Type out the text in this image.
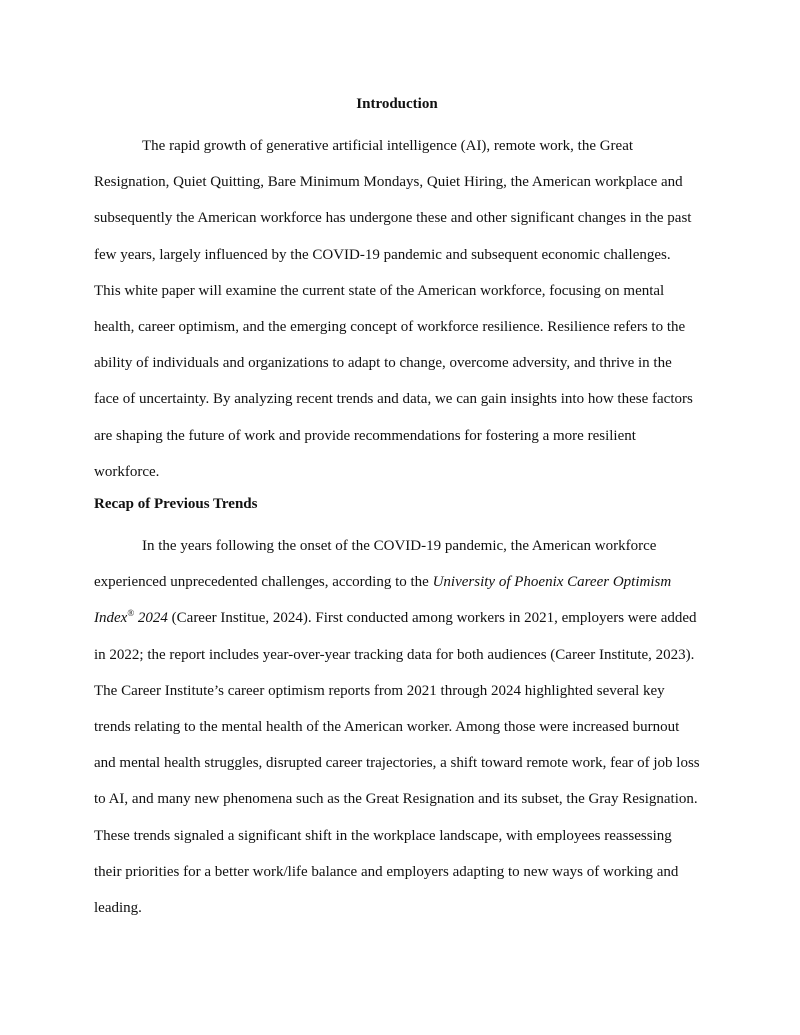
Introduction

The rapid growth of generative artificial intelligence (AI), remote work, the Great Resignation, Quiet Quitting, Bare Minimum Mondays, Quiet Hiring, the American workplace and subsequently the American workforce has undergone these and other significant changes in the past few years, largely influenced by the COVID-19 pandemic and subsequent economic challenges. This white paper will examine the current state of the American workforce, focusing on mental health, career optimism, and the emerging concept of workforce resilience. Resilience refers to the ability of individuals and organizations to adapt to change, overcome adversity, and thrive in the face of uncertainty. By analyzing recent trends and data, we can gain insights into how these factors are shaping the future of work and provide recommendations for fostering a more resilient workforce.

Recap of Previous Trends

In the years following the onset of the COVID-19 pandemic, the American workforce experienced unprecedented challenges, according to the University of Phoenix Career Optimism Index® 2024 (Career Institue, 2024). First conducted among workers in 2021, employers were added in 2022; the report includes year-over-year tracking data for both audiences (Career Institute, 2023). The Career Institute’s career optimism reports from 2021 through 2024 highlighted several key trends relating to the mental health of the American worker. Among those were increased burnout and mental health struggles, disrupted career trajectories, a shift toward remote work, fear of job loss to AI, and many new phenomena such as the Great Resignation and its subset, the Gray Resignation. These trends signaled a significant shift in the workplace landscape, with employees reassessing their priorities for a better work/life balance and employers adapting to new ways of working and leading.
